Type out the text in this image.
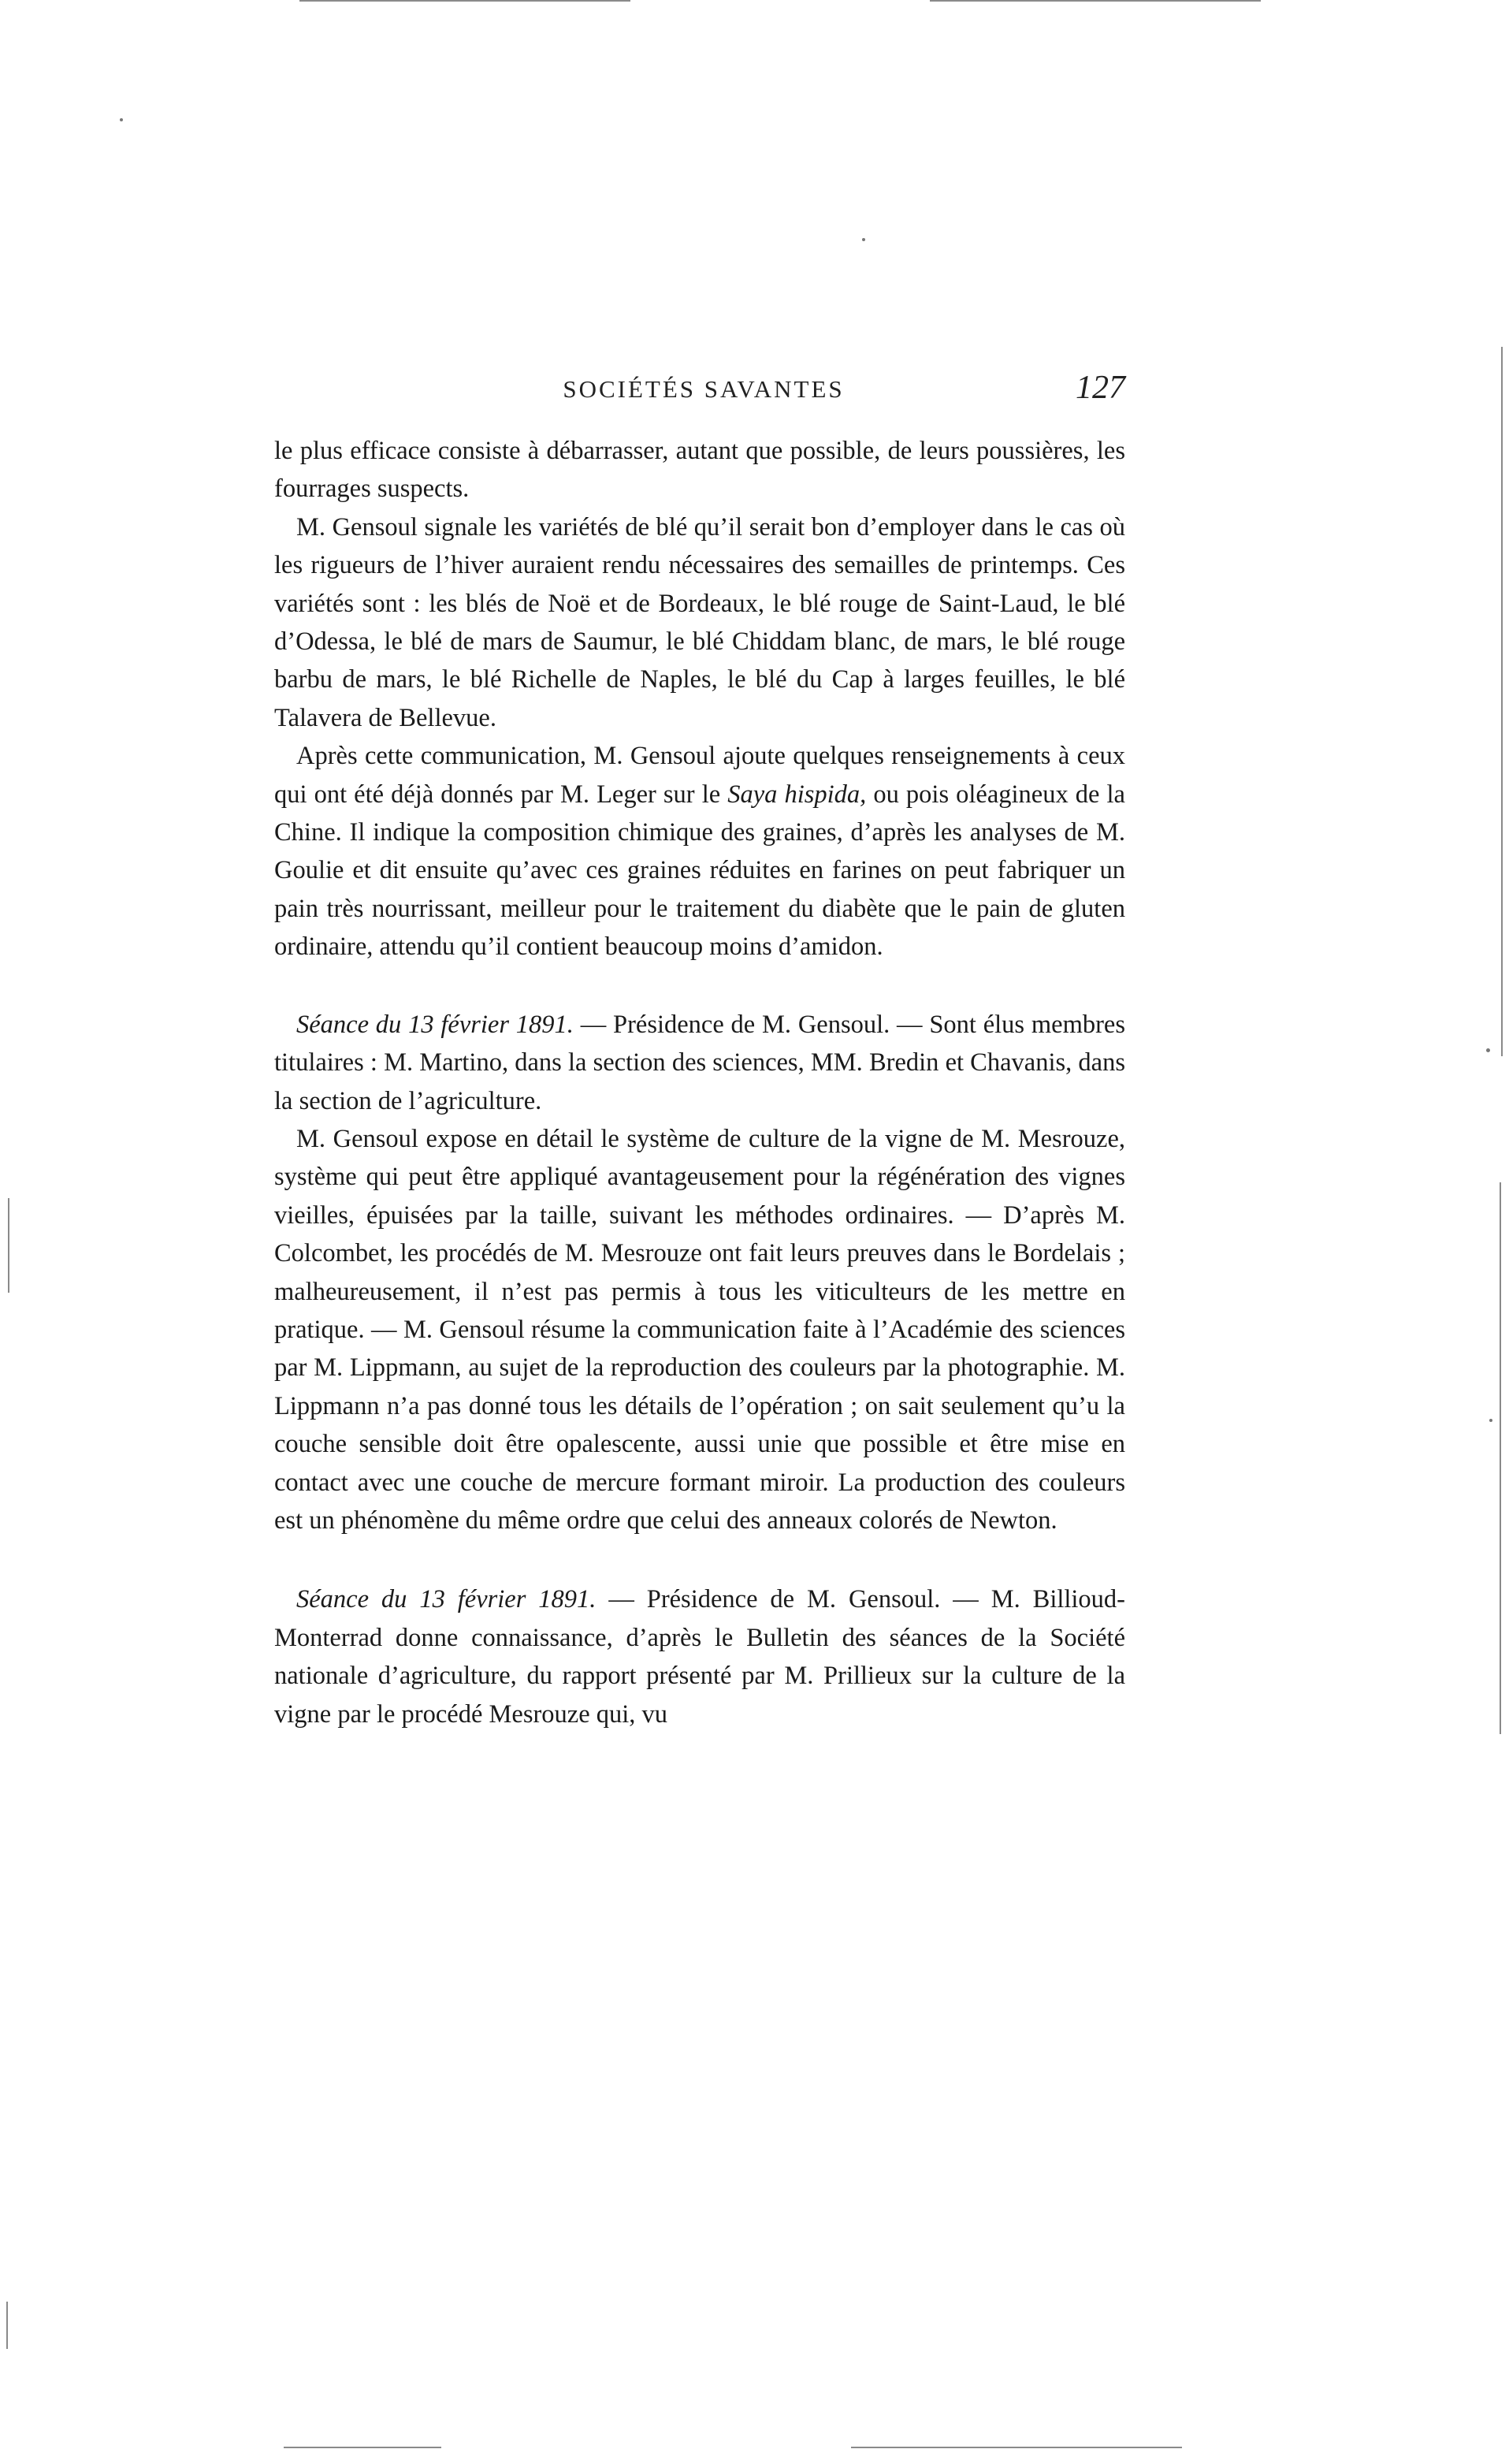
SOCIÉTÉS SAVANTES	127

le plus efficace consiste à débarrasser, autant que possible, de leurs poussières, les fourrages suspects.

M. Gensoul signale les variétés de blé qu’il serait bon d’employer dans le cas où les rigueurs de l’hiver auraient rendu nécessaires des semailles de printemps. Ces variétés sont : les blés de Noë et de Bordeaux, le blé rouge de Saint-Laud, le blé d’Odessa, le blé de mars de Saumur, le blé Chiddam blanc, de mars, le blé rouge barbu de mars, le blé Richelle de Naples, le blé du Cap à larges feuilles, le blé Talavera de Bellevue.

Après cette communication, M. Gensoul ajoute quelques renseignements à ceux qui ont été déjà donnés par M. Leger sur le Saya hispida, ou pois oléagineux de la Chine. Il indique la composition chimique des graines, d’après les analyses de M. Goulie et dit ensuite qu’avec ces graines réduites en farines on peut fabriquer un pain très nourrissant, meilleur pour le traitement du diabète que le pain de gluten ordinaire, attendu qu’il contient beaucoup moins d’amidon.

Séance du 13 février 1891. — Présidence de M. Gensoul. — Sont élus membres titulaires : M. Martino, dans la section des sciences, MM. Bredin et Chavanis, dans la section de l’agriculture.

M. Gensoul expose en détail le système de culture de la vigne de M. Mesrouze, système qui peut être appliqué avantageusement pour la régénération des vignes vieilles, épuisées par la taille, suivant les méthodes ordinaires. — D’après M. Colcombet, les procédés de M. Mesrouze ont fait leurs preuves dans le Bordelais ; malheureusement, il n’est pas permis à tous les viticulteurs de les mettre en pratique. — M. Gensoul résume la communication faite à l’Académie des sciences par M. Lippmann, au sujet de la reproduction des couleurs par la photographie. M. Lippmann n’a pas donné tous les détails de l’opération ; on sait seulement qu’u la couche sensible doit être opalescente, aussi unie que possible et être mise en contact avec une couche de mercure formant miroir. La production des couleurs est un phénomène du même ordre que celui des anneaux colorés de Newton.

Séance du 13 février 1891. — Présidence de M. Gensoul. — M. Billioud-Monterrad donne connaissance, d’après le Bulletin des séances de la Société nationale d’agriculture, du rapport présenté par M. Prillieux sur la culture de la vigne par le procédé Mesrouze qui, vu
